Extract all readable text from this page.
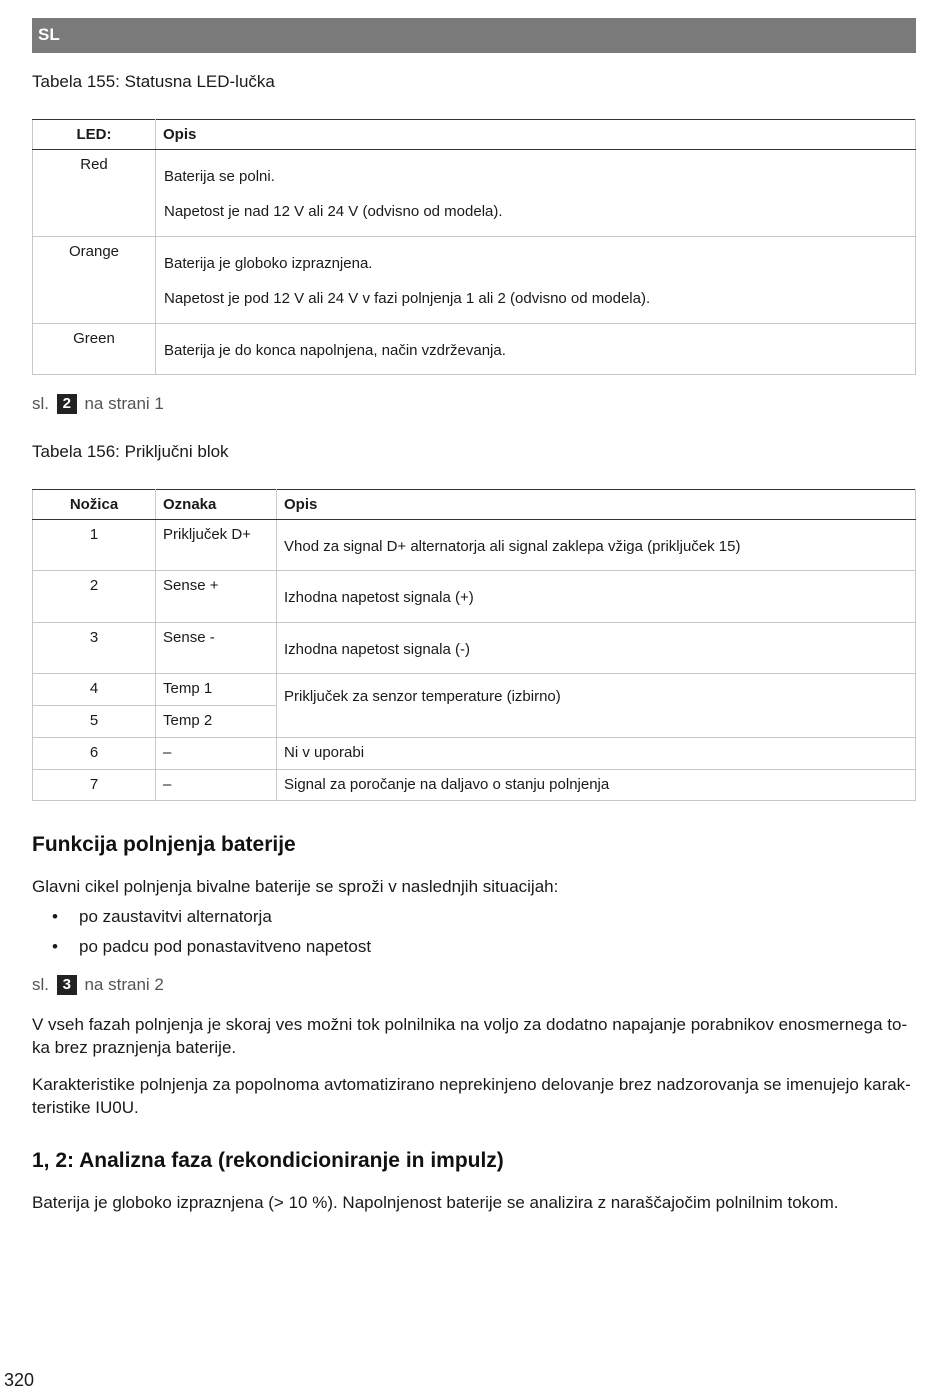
SL
Tabela 155: Statusna LED-lučka
LED:	Opis
Red	Baterija se polni.

Napetost je nad 12 V ali 24 V (odvisno od modela).

Orange	Baterija je globoko izpraznjena.

Napetost je pod 12 V ali 24 V v fazi polnjenja 1 ali 2 (odvisno od modela).

Green	Baterija je do konca napolnjena, način vzdrževanja.

sl. 2 na strani 1
Tabela 156: Priključni blok
Nožica	Oznaka	Opis
1	Priključek D+	Vhod za signal D+ alternatorja ali signal zaklepa vžiga (priključek 15)
2	Sense +	Izhodna napetost signala (+)
3	Sense -	Izhodna napetost signala (-)
4	Temp 1	Priključek za senzor temperature (izbirno)
5	Temp 2	
6	–	Ni v uporabi
7	–	Signal za poročanje na daljavo o stanju polnjenja
Funkcija polnjenja baterije

Glavni cikel polnjenja bivalne baterije se sproži v naslednjih situacijah:

• po zaustavitvi alternatorja
• po padcu pod ponastavitveno napetost
sl. 3 na strani 2

V vseh fazah polnjenja je skoraj ves možni tok polnilnika na voljo za dodatno napajanje porabnikov enosmernega to-ka brez praznjenja baterije.

Karakteristike polnjenja za popolnoma avtomatizirano neprekinjeno delovanje brez nadzorovanja se imenujejo karak-teristike IU0U.

1, 2: Analizna faza (rekondicioniranje in impulz)

Baterija je globoko izpraznjena (> 10 %). Napolnjenost baterije se analizira z naraščajočim polnilnim tokom.

320
